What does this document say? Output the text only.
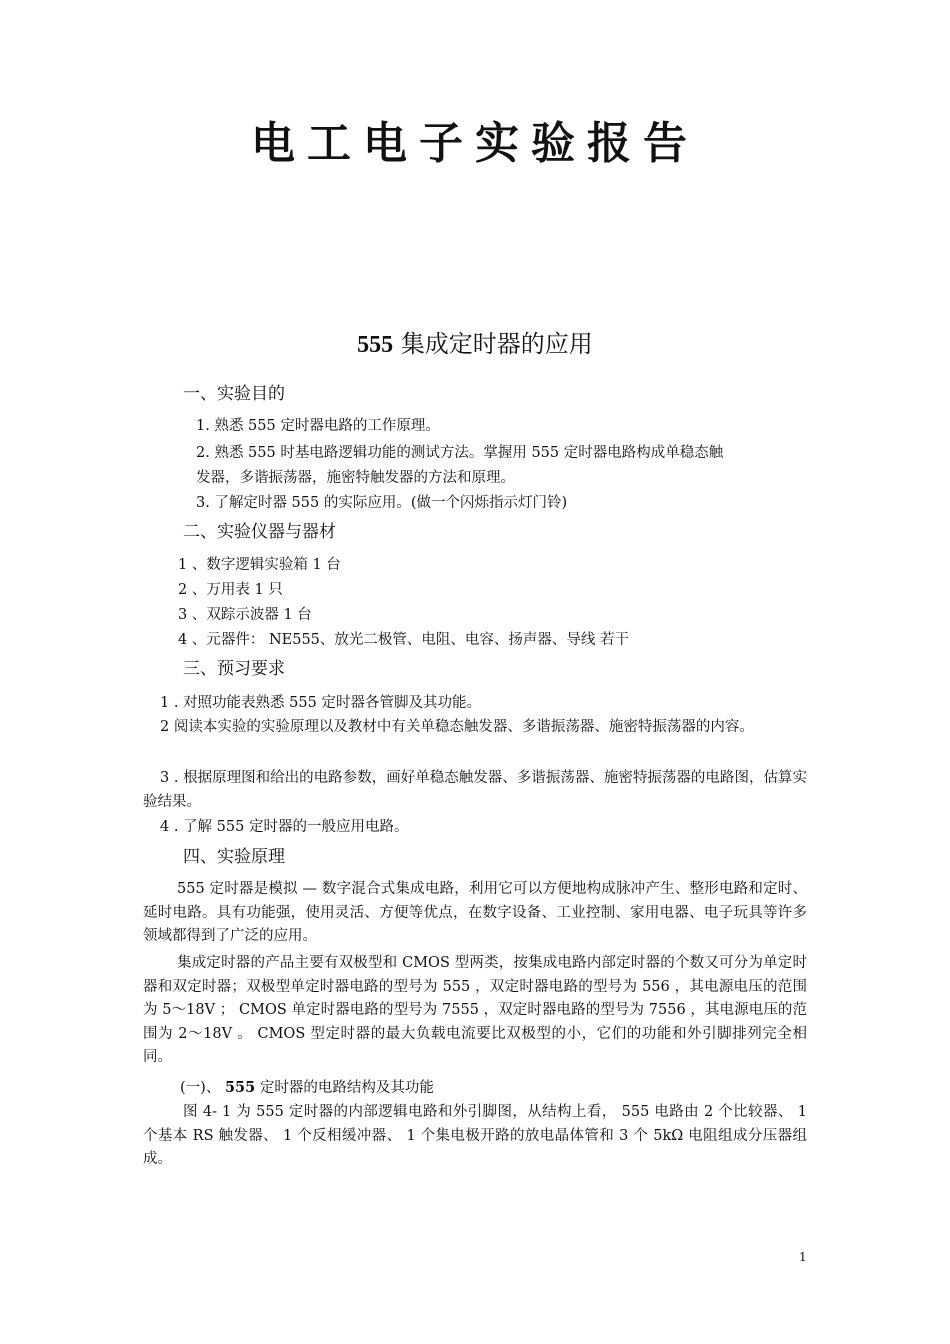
电工电子实验报告
555 集成定时器的应用
一、实验目的
1. 熟悉 555 定时器电路的工作原理。
2. 熟悉 555 时基电路逻辑功能的测试方法。掌握用 555 定时器电路构成单稳态触
发器，多谐振荡器，施密特触发器的方法和原理。
3. 了解定时器 555 的实际应用。(做一个闪烁指示灯门铃)
二、实验仪器与器材
1 、数字逻辑实验箱 1 台
2 、万用表 1 只
3 、双踪示波器 1 台
4 、元器件： NE555、放光二极管、电阻、电容、扬声器、导线 若干
三、预习要求
1 . 对照功能表熟悉 555 定时器各管脚及其功能。
2 阅读本实验的实验原理以及教材中有关单稳态触发器、多谐振荡器、施密特振荡器的内容。
3 . 根据原理图和给出的电路参数，画好单稳态触发器、多谐振荡器、施密特振荡器的电路图，估算实验结果。
4 . 了解 555 定时器的一般应用电路。
四、实验原理
555 定时器是模拟 — 数字混合式集成电路，利用它可以方便地构成脉冲产生、整形电路和定时、延时电路。具有功能强，使用灵活、方便等优点，在数字设备、工业控制、家用电器、电子玩具等许多领域都得到了广泛的应用。
集成定时器的产品主要有双极型和 CMOS 型两类，按集成电路内部定时器的个数又可分为单定时器和双定时器；双极型单定时器电路的型号为 555 ，双定时器电路的型号为 556 ，其电源电压的范围为 5～18V ； CMOS 单定时器电路的型号为 7555 ，双定时器电路的型号为 7556 ，其电源电压的范围为 2～18V 。 CMOS 型定时器的最大负载电流要比双极型的小，它们的功能和外引脚排列完全相同。
(一)、 555 定时器的电路结构及其功能
图 4- 1 为 555 定时器的内部逻辑电路和外引脚图，从结构上看， 555 电路由 2 个比较器、 1 个基本 RS 触发器、 1 个反相缓冲器、 1 个集电极开路的放电晶体管和 3 个 5kΩ 电阻组成分压器组成。
1
